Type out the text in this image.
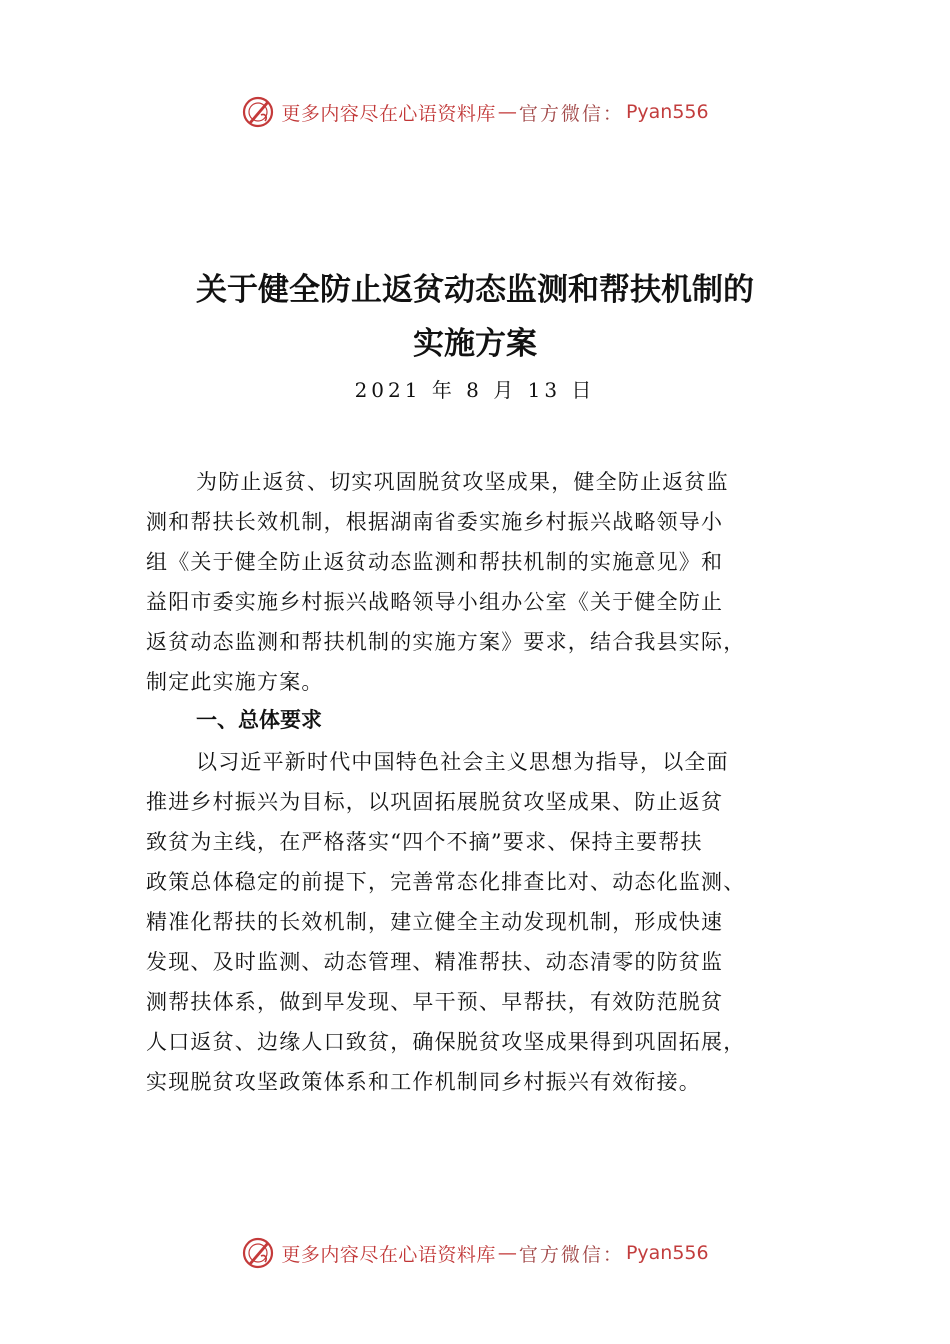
更多内容尽在心语资料库 — 官方微信： Pyan556
关于健全防止返贫动态监测和帮扶机制的
实施方案
2021 年 8 月 13 日
为防止返贫、切实巩固脱贫攻坚成果，健全防止返贫监
测和帮扶长效机制，根据湖南省委实施乡村振兴战略领导小
组《关于健全防止返贫动态监测和帮扶机制的实施意见》和
益阳市委实施乡村振兴战略领导小组办公室《关于健全防止
返贫动态监测和帮扶机制的实施方案》要求，结合我县实际，
制定此实施方案。
一、总体要求
以习近平新时代中国特色社会主义思想为指导，以全面
推进乡村振兴为目标，以巩固拓展脱贫攻坚成果、防止返贫
致贫为主线，在严格落实“四个不摘”要求、保持主要帮扶
政策总体稳定的前提下，完善常态化排查比对、动态化监测、
精准化帮扶的长效机制，建立健全主动发现机制，形成快速
发现、及时监测、动态管理、精准帮扶、动态清零的防贫监
测帮扶体系，做到早发现、早干预、早帮扶，有效防范脱贫
人口返贫、边缘人口致贫，确保脱贫攻坚成果得到巩固拓展，
实现脱贫攻坚政策体系和工作机制同乡村振兴有效衔接。
更多内容尽在心语资料库 — 官方微信： Pyan556
